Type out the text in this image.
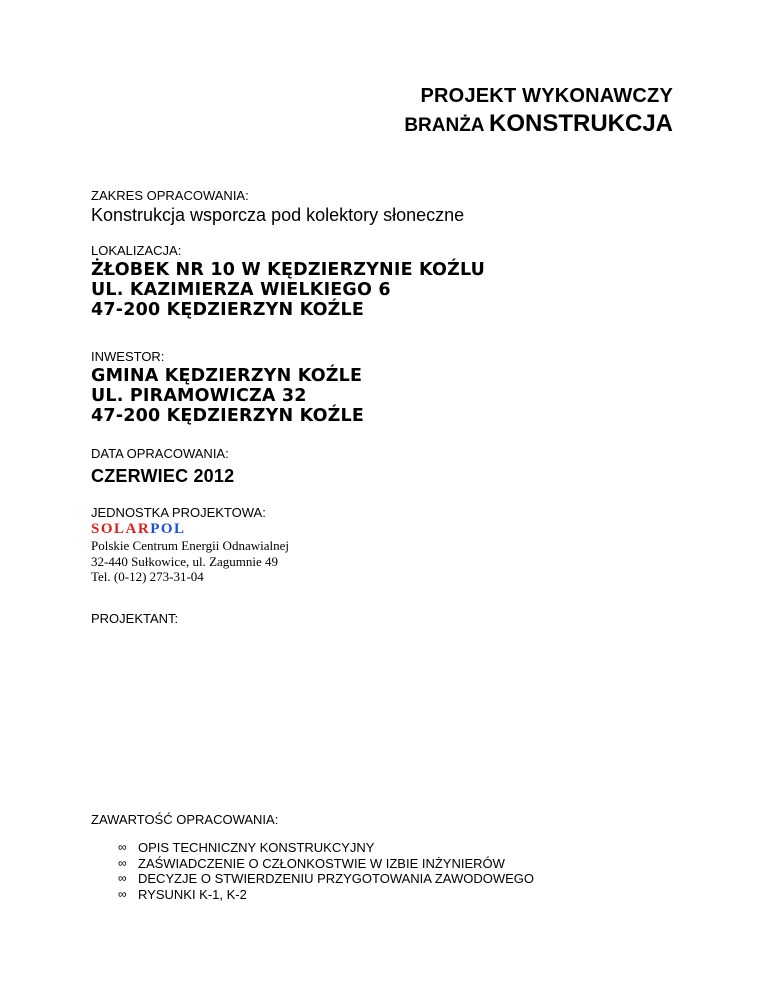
PROJEKT WYKONAWCZY
BRANŻA KONSTRUKCJA
ZAKRES OPRACOWANIA:
Konstrukcja wsporcza pod kolektory słoneczne
LOKALIZACJA:
ŻŁOBEK NR 10 W KĘDZIERZYNIE KOŹLU
UL. KAZIMIERZA WIELKIEGO 6
47-200 KĘDZIERZYN KOŹLE
INWESTOR:
GMINA KĘDZIERZYN KOŹLE
UL. PIRAMOWICZA 32
47-200 KĘDZIERZYN KOŹLE
DATA OPRACOWANIA:
CZERWIEC 2012
JEDNOSTKA PROJEKTOWA:
SOLARPOL
Polskie Centrum Energii Odnawialnej
32-440 Sułkowice, ul. Zagumnie 49
Tel. (0-12) 273-31-04
PROJEKTANT:
ZAWARTOŚĆ OPRACOWANIA:
∞ OPIS TECHNICZNY KONSTRUKCYJNY
∞ ZAŚWIADCZENIE O CZŁONKOSTWIE W IZBIE INŻYNIERÓW
∞ DECYZJE O STWIERDZENIU PRZYGOTOWANIA ZAWODOWEGO
∞ RYSUNKI K-1, K-2
